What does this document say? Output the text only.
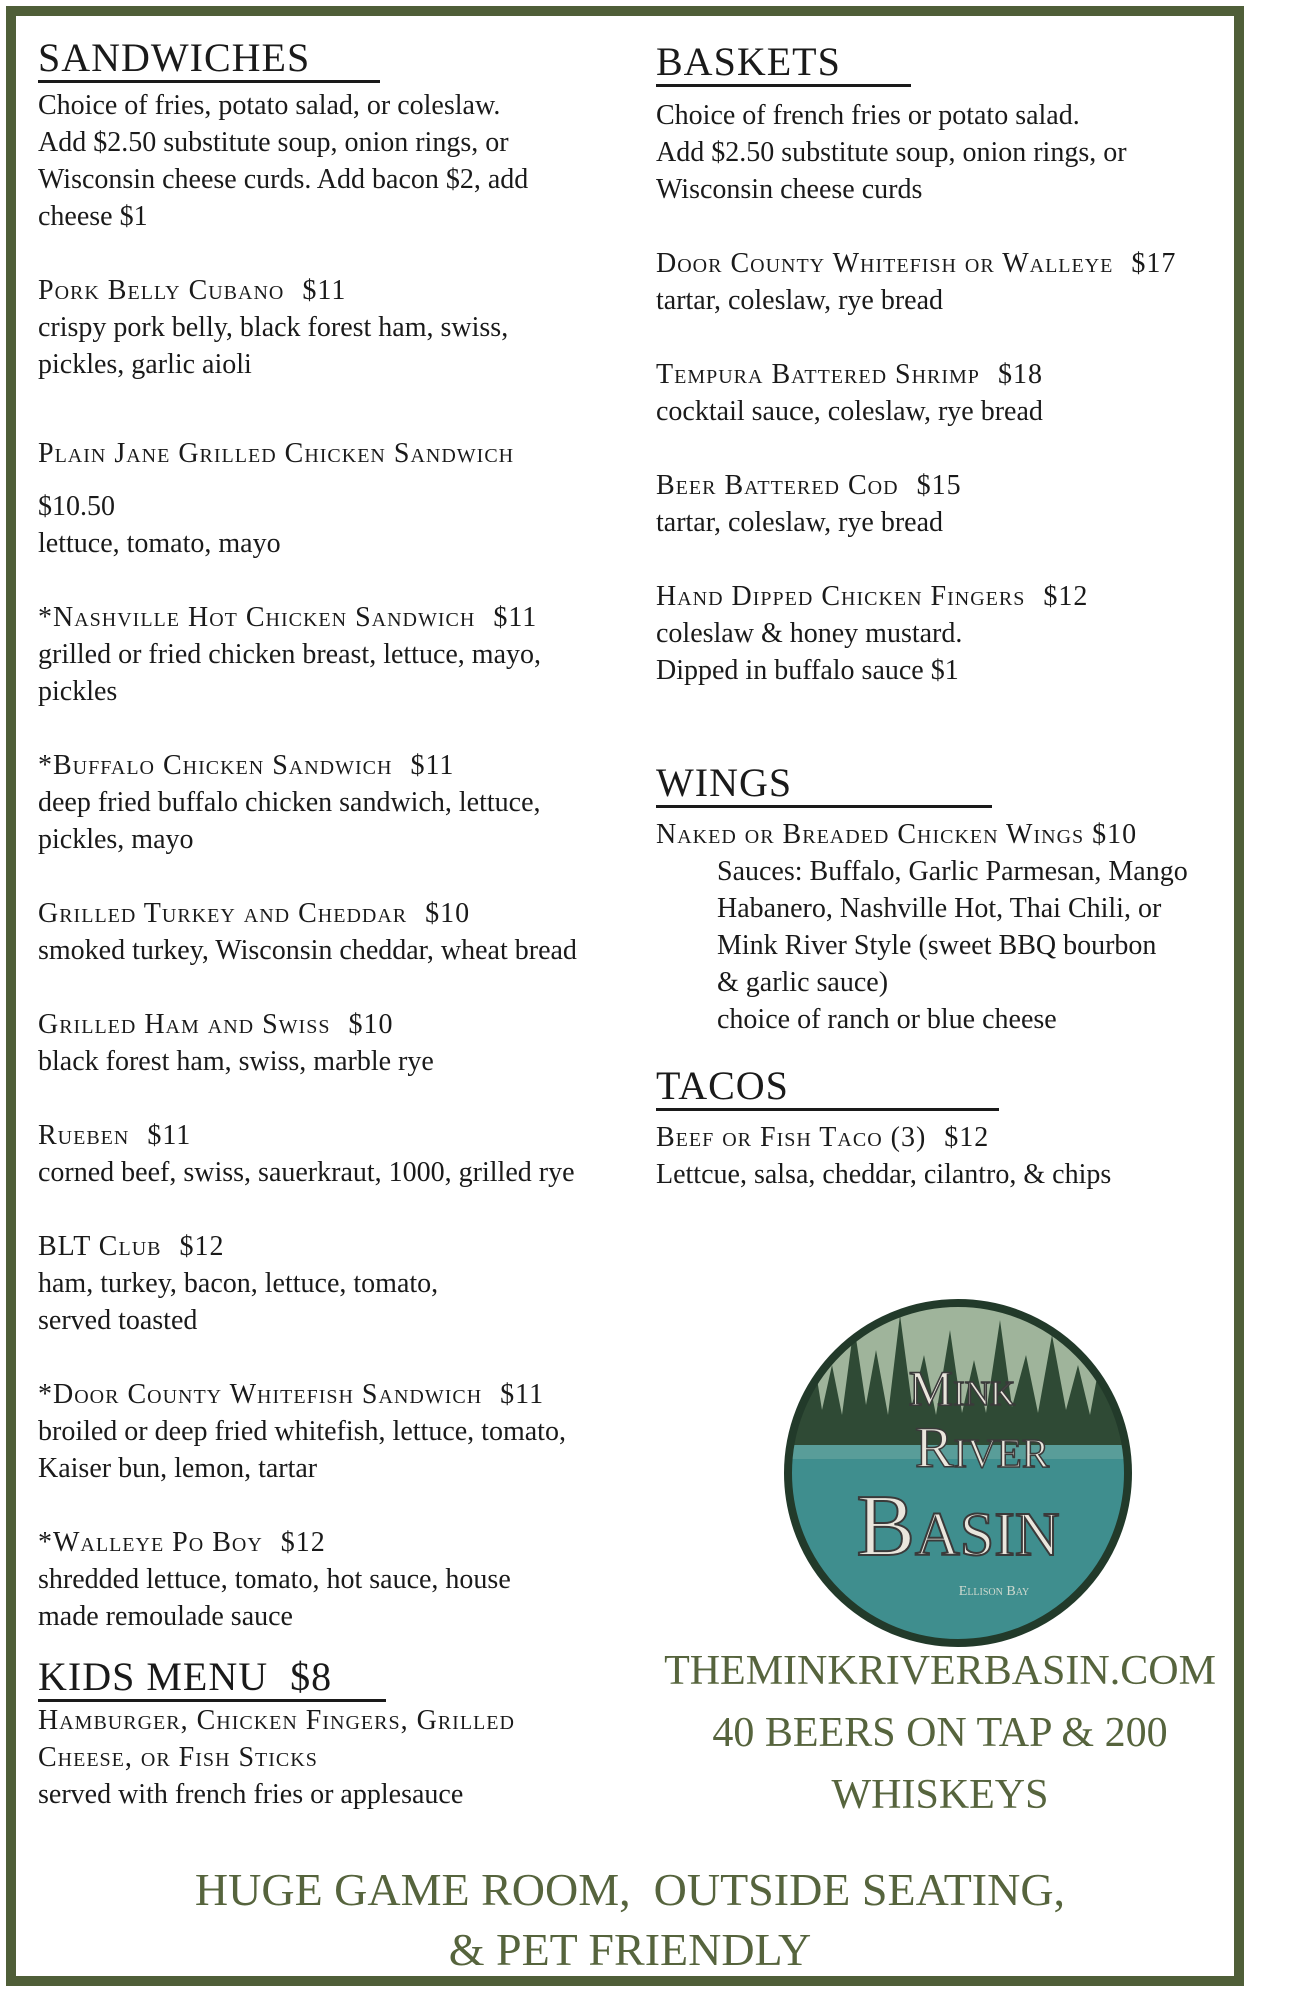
SANDWICHES

Choice of fries, potato salad, or coleslaw.

Add $2.50 substitute soup, onion rings, or

Wisconsin cheese curds. Add bacon $2, add

cheese $1

Pork Belly Cubano $11

crispy pork belly, black forest ham, swiss,

pickles, garlic aioli

Plain Jane Grilled Chicken Sandwich

$10.50

lettuce, tomato, mayo

*Nashville Hot Chicken Sandwich $11

grilled or fried chicken breast, lettuce, mayo,

pickles

*Buffalo Chicken Sandwich $11

deep fried buffalo chicken sandwich, lettuce,

pickles, mayo

Grilled Turkey and Cheddar $10

smoked turkey, Wisconsin cheddar, wheat bread

Grilled Ham and Swiss $10

black forest ham, swiss, marble rye

Rueben $11

corned beef, swiss, sauerkraut, 1000, grilled rye

BLT Club $12

ham, turkey, bacon, lettuce, tomato,

served toasted

*Door County Whitefish Sandwich $11

broiled or deep fried whitefish, lettuce, tomato,

Kaiser bun, lemon, tartar

*Walleye Po Boy $12

shredded lettuce, tomato, hot sauce, house

made remoulade sauce

KIDS MENU  $8
Hamburger, Chicken Fingers, Grilled
Cheese, or Fish Sticks

served with french fries or applesauce

BASKETS

Choice of french fries or potato salad.

Add $2.50 substitute soup, onion rings, or

Wisconsin cheese curds

Door County Whitefish or Walleye $17

tartar, coleslaw, rye bread

Tempura Battered Shrimp $18

cocktail sauce, coleslaw, rye bread

Beer Battered Cod $15

tartar, coleslaw, rye bread

Hand Dipped Chicken Fingers $12

coleslaw & honey mustard.

Dipped in buffalo sauce $1

WINGS
Naked or Breaded Chicken Wings $10

Sauces: Buffalo, Garlic Parmesan, Mango

Habanero, Nashville Hot, Thai Chili, or

Mink River Style (sweet BBQ bourbon

& garlic sauce)

choice of ranch or blue cheese

TACOS
Beef or Fish Taco (3) $12

Lettcue, salsa, cheddar, cilantro, & chips

Mink
River
Basin
Ellison Bay
THEMINKRIVERBASIN.COM
40 BEERS ON TAP & 200
WHISKEYS
HUGE GAME ROOM,  OUTSIDE SEATING,
& PET FRIENDLY
